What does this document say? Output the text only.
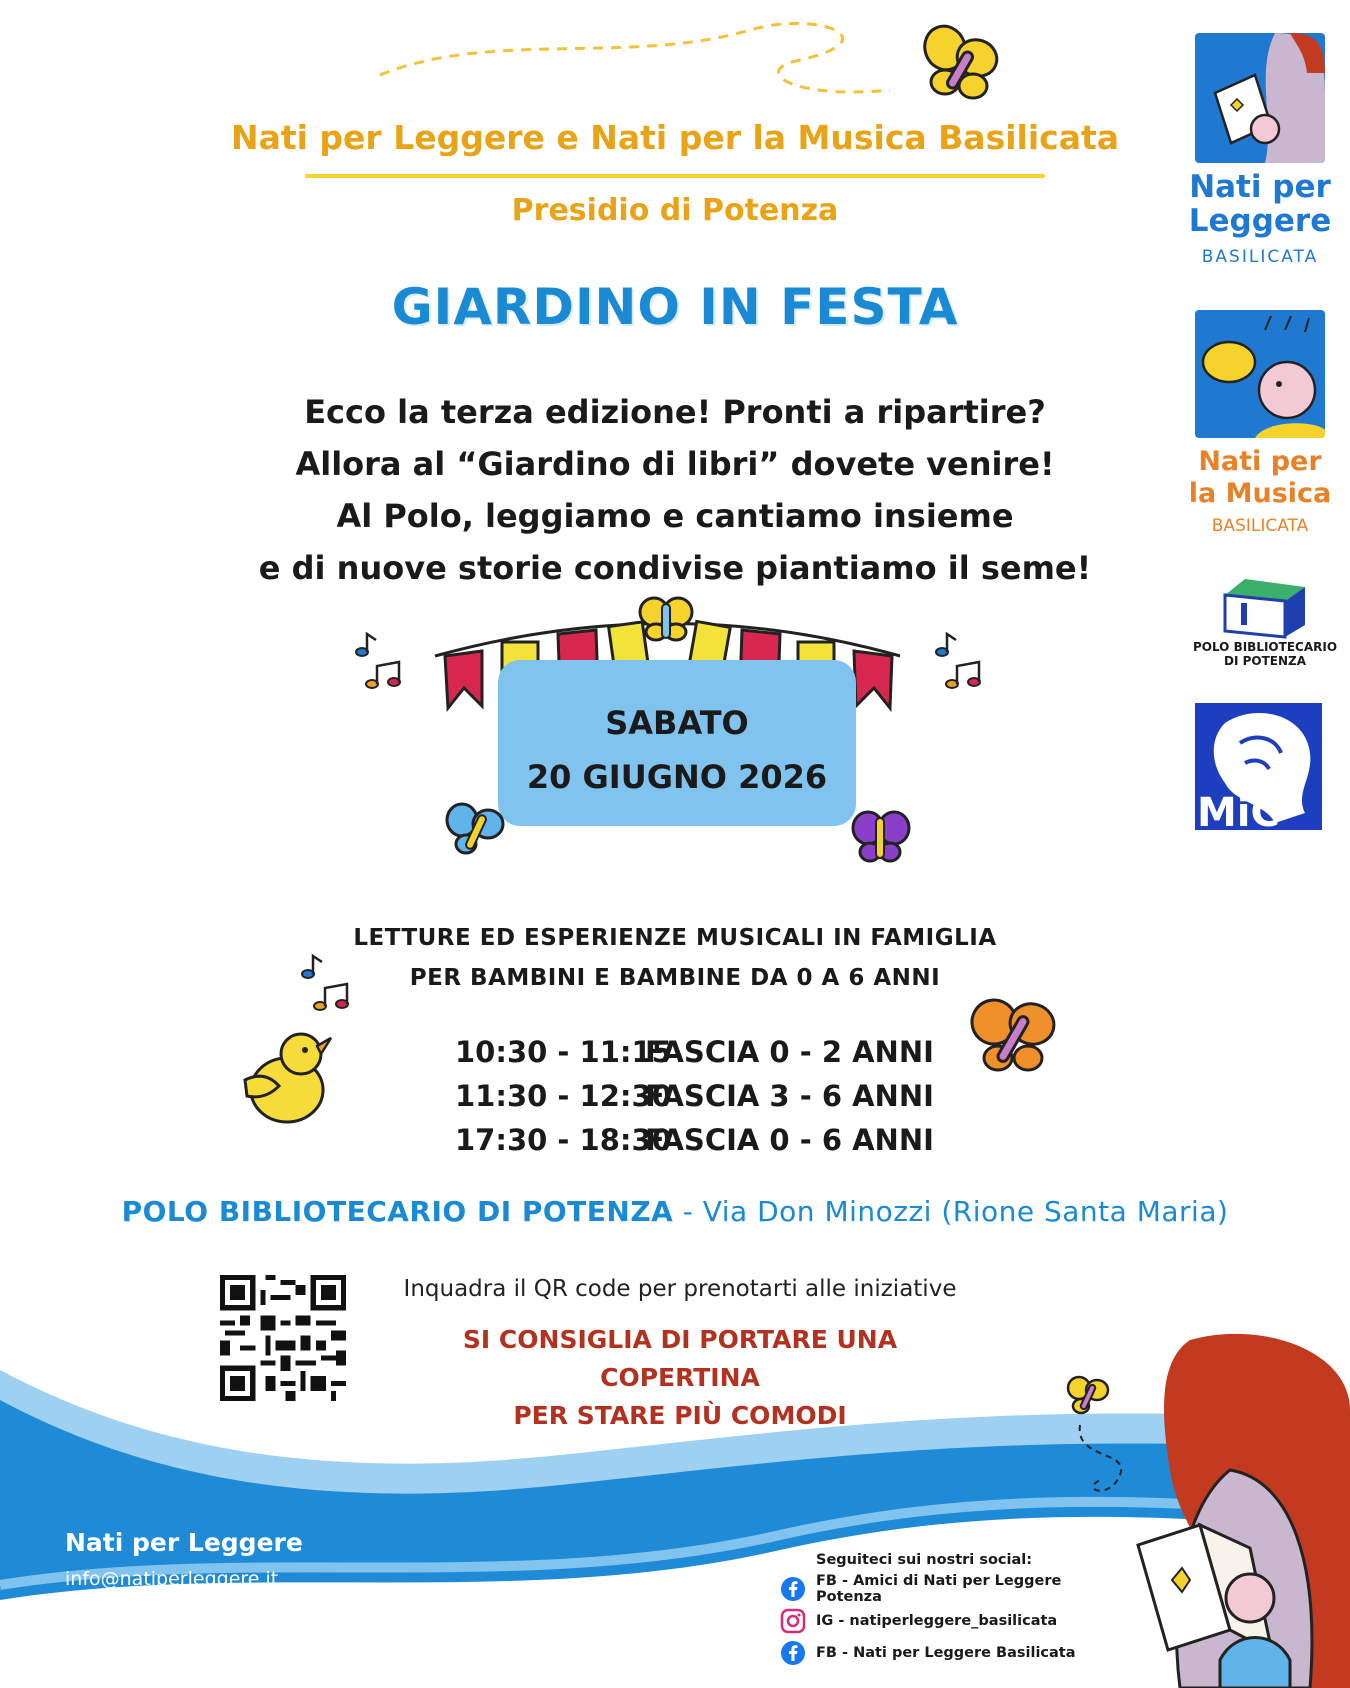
Nati per Leggere e Nati per la Musica Basilicata
Presidio di Potenza
GIARDINO IN FESTA
Ecco la terza edizione! Pronti a ripartire?
Allora al “Giardino di libri” dovete venire!
Al Polo, leggiamo e cantiamo insieme
e di nuove storie condivise piantiamo il seme!
SABATO
20 GIUGNO 2026
LETTURE ED ESPERIENZE MUSICALI IN FAMIGLIA
PER BAMBINI E BAMBINE DA 0 A 6 ANNI
10:30 - 11:15
FASCIA 0 - 2 ANNI
11:30 - 12:30
FASCIA 3 - 6 ANNI
17:30 - 18:30
FASCIA 0 - 6 ANNI
POLO BIBLIOTECARIO DI POTENZA - Via Don Minozzi (Rione Santa Maria)
Inquadra il QR code per prenotarti alle iniziative
SI CONSIGLIA DI PORTARE UNA COPERTINA
PER STARE PIÙ COMODI
Nati per Leggere
info@natiperleggere.it
Seguiteci sui nostri social:
FB - Amici di Nati per Leggere Potenza
IG - natiperleggere_basilicata
FB - Nati per Leggere Basilicata
Nati per
Leggere
BASILICATA
Nati per
la Musica
BASILICATA
POLO BIBLIOTECARIO
DI POTENZA
MiC
